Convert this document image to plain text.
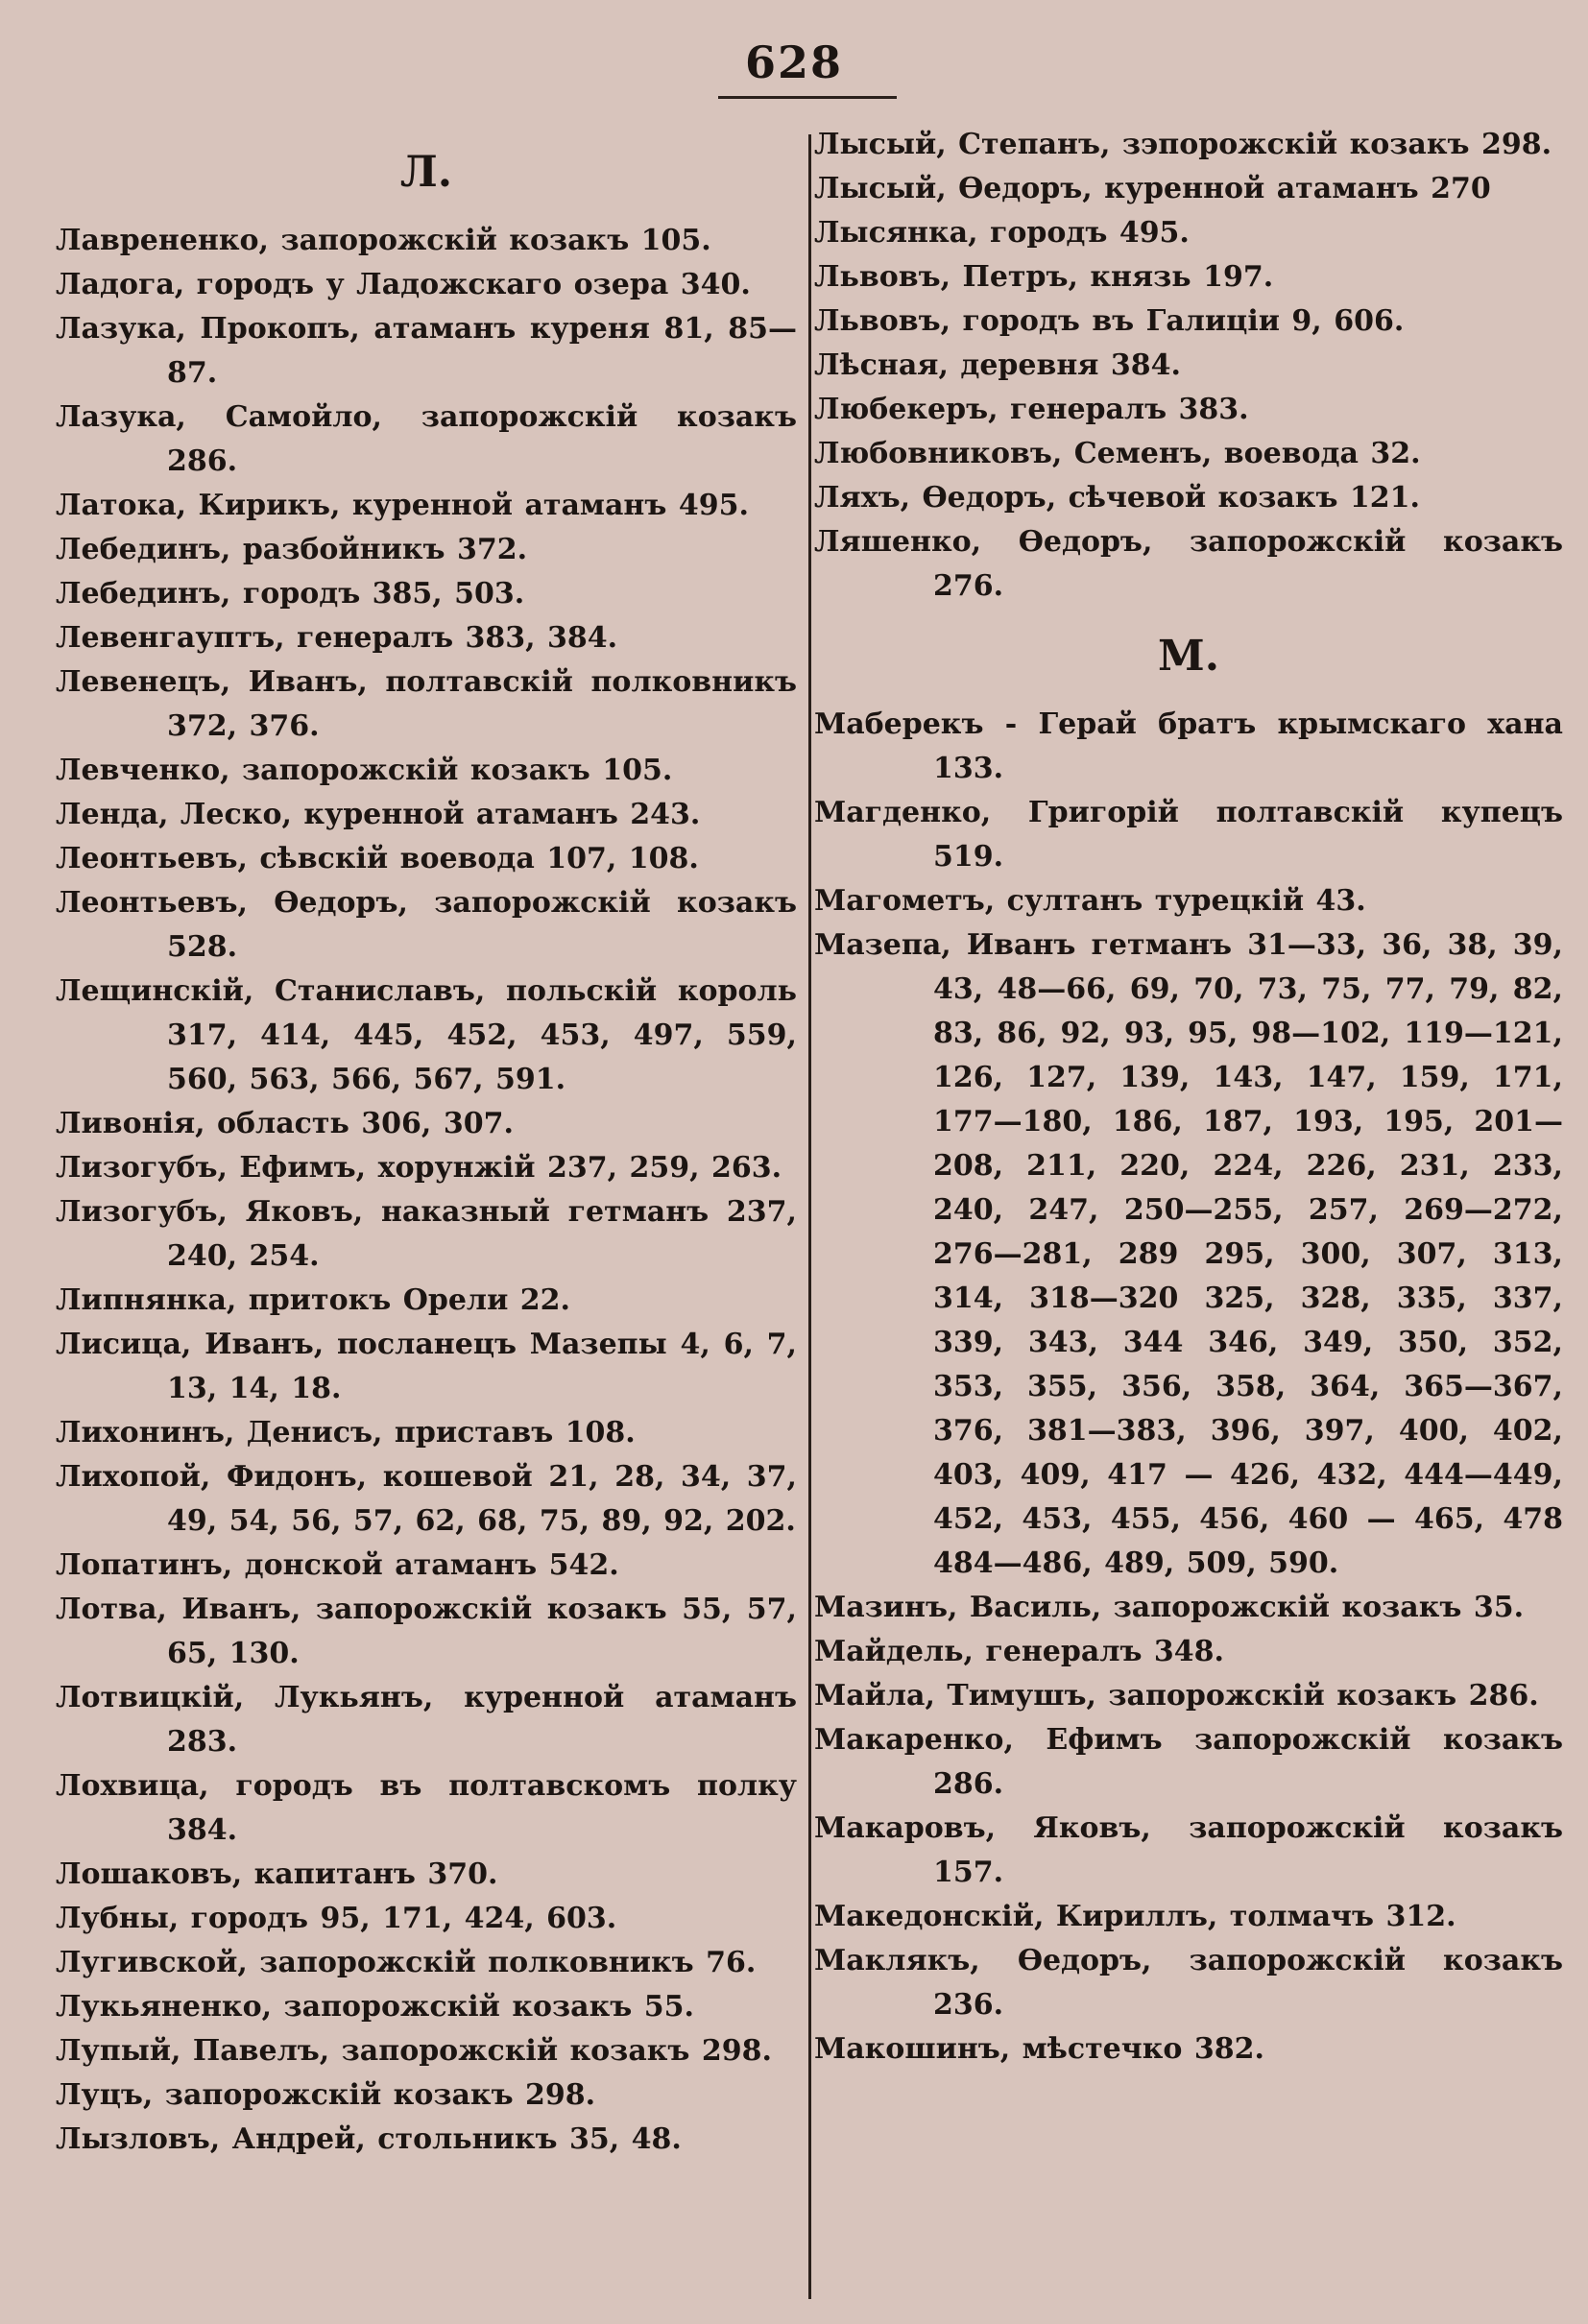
628
Л.
Лаврененко, запорожскій козакъ 105.
Ладога, городъ у Ладожскаго озера 340.
Лазука, Прокопъ, атаманъ куреня 81, 85—87.
Лазука, Самойло, запорожскій козакъ 286.
Латока, Кирикъ, куренной атаманъ 495.
Лебединъ, разбойникъ 372.
Лебединъ, городъ 385, 503.
Левенгауптъ, генералъ 383, 384.
Левенецъ, Иванъ, полтавскій полковникъ 372, 376.
Левченко, запорожскій козакъ 105.
Ленда, Леско, куренной атаманъ 243.
Леонтьевъ, сѣвскій воевода 107, 108.
Леонтьевъ, Ѳедоръ, запорожскій козакъ 528.
Лещинскій, Станиславъ, польскій король 317, 414, 445, 452, 453, 497, 559, 560, 563, 566, 567, 591.
Ливонія, область 306, 307.
Лизогубъ, Ефимъ, хорунжій 237, 259, 263.
Лизогубъ, Яковъ, наказный гетманъ 237, 240, 254.
Липнянка, притокъ Орели 22.
Лисица, Иванъ, посланецъ Мазепы 4, 6, 7, 13, 14, 18.
Лихонинъ, Денисъ, приставъ 108.
Лихопой, Фидонъ, кошевой 21, 28, 34, 37, 49, 54, 56, 57, 62, 68, 75, 89, 92, 202.
Лопатинъ, донской атаманъ 542.
Лотва, Иванъ, запорожскій козакъ 55, 57, 65, 130.
Лотвицкій, Лукьянъ, куренной атаманъ 283.
Лохвица, городъ въ полтавскомъ полку 384.
Лошаковъ, капитанъ 370.
Лубны, городъ 95, 171, 424, 603.
Лугивской, запорожскій полковникъ 76.
Лукьяненко, запорожскій козакъ 55.
Лупый, Павелъ, запорожскій козакъ 298.
Луцъ, запорожскій козакъ 298.
Лызловъ, Андрей, стольникъ 35, 48.
Лысый, Степанъ, зэпорожскій козакъ 298.
Лысый, Ѳедоръ, куренной атаманъ 270
Лысянка, городъ 495.
Львовъ, Петръ, князь 197.
Львовъ, городъ въ Галиціи 9, 606.
Лѣсная, деревня 384.
Любекеръ, генералъ 383.
Любовниковъ, Семенъ, воевода 32.
Ляхъ, Ѳедоръ, сѣчевой козакъ 121.
Ляшенко, Ѳедоръ, запорожскій козакъ 276.
М.
Маберекъ - Герай братъ крымскаго хана 133.
Магденко, Григорій полтавскій купецъ 519.
Магометъ, султанъ турецкій 43.
Мазепа, Иванъ гетманъ 31—33, 36, 38, 39, 43, 48—66, 69, 70, 73, 75, 77, 79, 82, 83, 86, 92, 93, 95, 98—102, 119—121, 126, 127, 139, 143, 147, 159, 171, 177—180, 186, 187, 193, 195, 201—208, 211, 220, 224, 226, 231, 233, 240, 247, 250—255, 257, 269—272, 276—281, 289 295, 300, 307, 313, 314, 318—320 325, 328, 335, 337, 339, 343, 344 346, 349, 350, 352, 353, 355, 356, 358, 364, 365—367, 376, 381—383, 396, 397, 400, 402, 403, 409, 417 — 426, 432, 444—449, 452, 453, 455, 456, 460 — 465, 478 484—486, 489, 509, 590.
Мазинъ, Василь, запорожскій козакъ 35.
Майдель, генералъ 348.
Майла, Тимушъ, запорожскій козакъ 286.
Макаренко, Ефимъ запорожскій козакъ 286.
Макаровъ, Яковъ, запорожскій козакъ 157.
Македонскій, Кириллъ, толмачъ 312.
Маклякъ, Ѳедоръ, запорожскій козакъ 236.
Макошинъ, мѣстечко 382.
